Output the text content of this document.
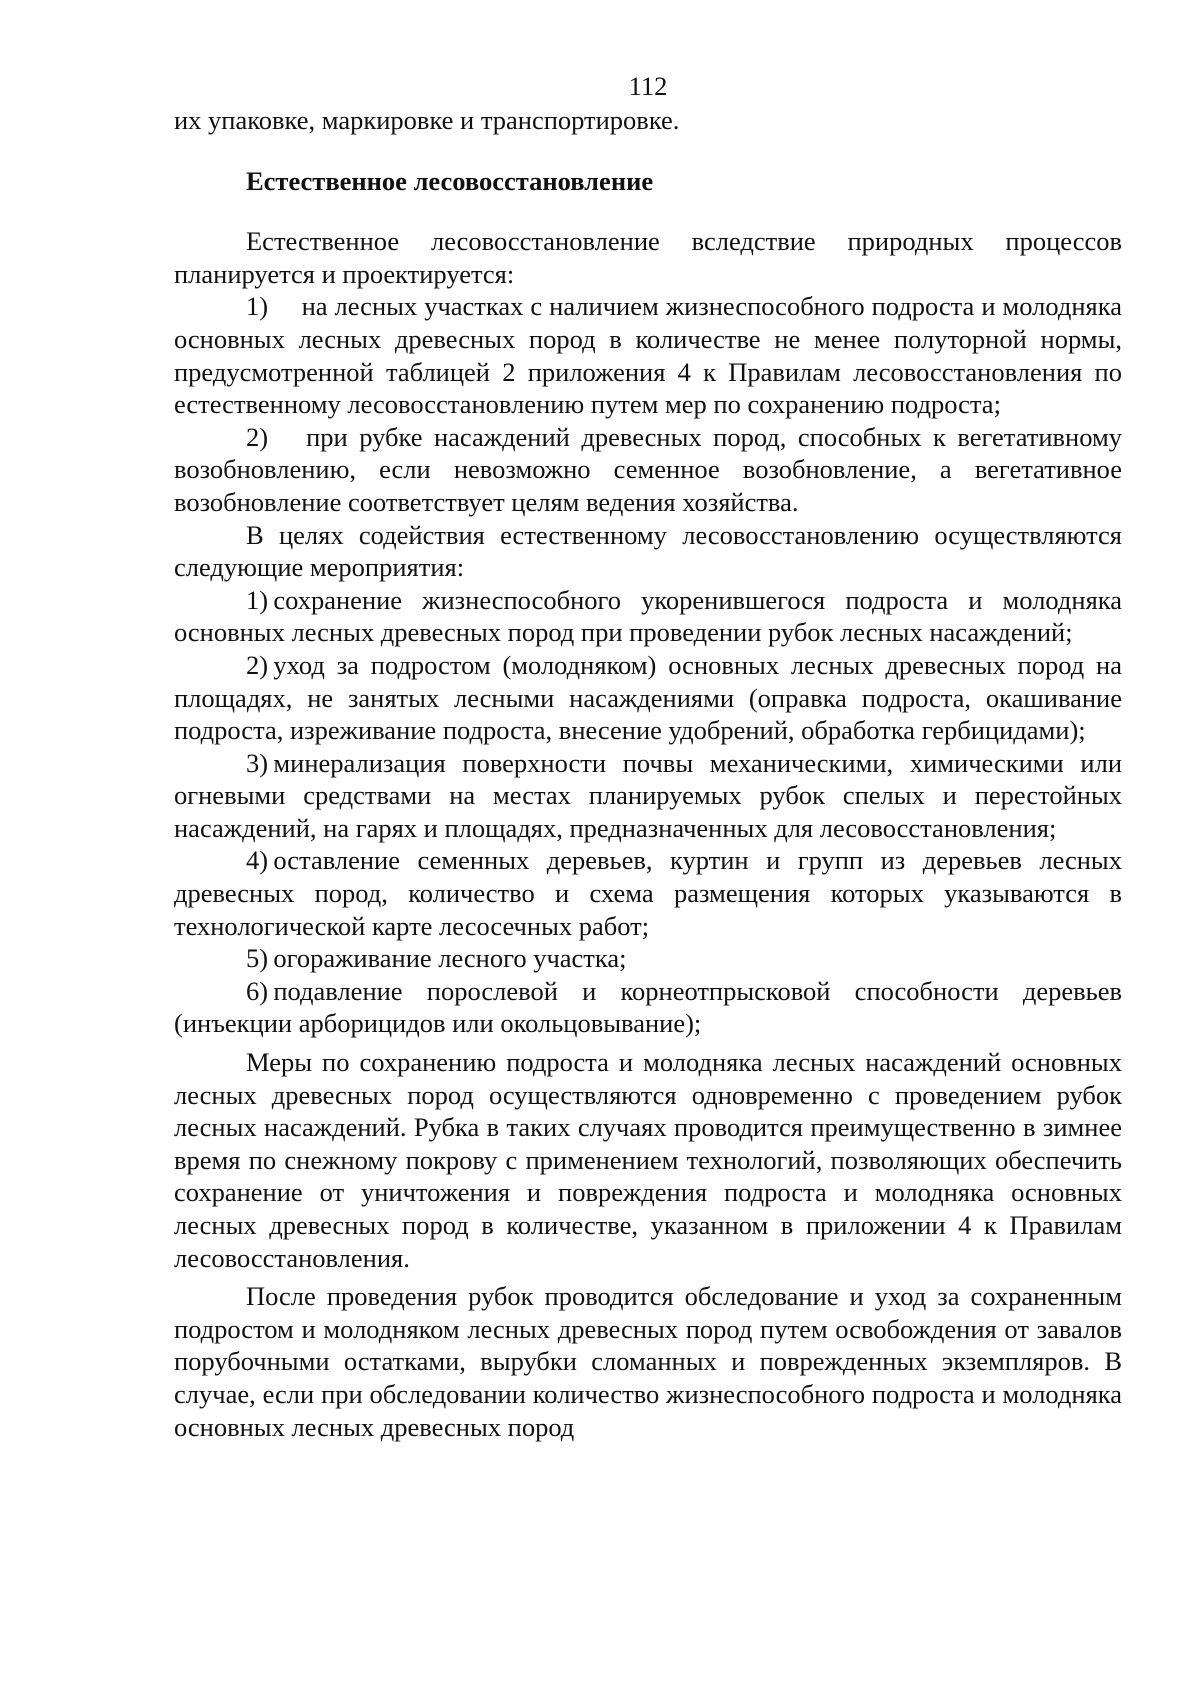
112

их упаковке, маркировке и транспортировке.

Естественное лесовосстановление

Естественное лесовосстановление вследствие природных процессов планируется и проектируется:

1)  на лесных участках с наличием жизнеспособного подроста и молодняка основных лесных древесных пород в количестве не менее полуторной нормы, предусмотренной таблицей 2 приложения 4 к Правилам лесовосстановления по естественному лесовосстановлению путем мер по сохранению подроста;

2)  при рубке насаждений древесных пород, способных к вегетативному возобновлению, если невозможно семенное возобновление, а вегетативное возобновление соответствует целям ведения хозяйства.

В целях содействия естественному лесовосстановлению осуществляются следующие мероприятия:

1) сохранение жизнеспособного укоренившегося подроста и молодняка основных лесных древесных пород при проведении рубок лесных насаждений;

2) уход за подростом (молодняком) основных лесных древесных пород на площадях, не занятых лесными насаждениями (оправка подроста, окашивание подроста, изреживание подроста, внесение удобрений, обработка гербицидами);

3) минерализация поверхности почвы механическими, химическими или огневыми средствами на местах планируемых рубок спелых и перестойных насаждений, на гарях и площадях, предназначенных для лесовосстановления;

4) оставление семенных деревьев, куртин и групп из деревьев лесных древесных пород, количество и схема размещения которых указываются в технологической карте лесосечных работ;

5) огораживание лесного участка;

6) подавление порослевой и корнеотпрысковой способности деревьев (инъекции арборицидов или окольцовывание);

Меры по сохранению подроста и молодняка лесных насаждений основных лесных древесных пород осуществляются одновременно с проведением рубок лесных насаждений. Рубка в таких случаях проводится преимущественно в зимнее время по снежному покрову с применением технологий, позволяющих обеспечить сохранение от уничтожения и повреждения подроста и молодняка основных лесных древесных пород в количестве, указанном в приложении 4 к Правилам лесовосстановления.

После проведения рубок проводится обследование и уход за сохраненным подростом и молодняком лесных древесных пород путем освобождения от завалов порубочными остатками, вырубки сломанных и поврежденных экземпляров. В случае, если при обследовании количество жизнеспособного подроста и молодняка основных лесных древесных пород
